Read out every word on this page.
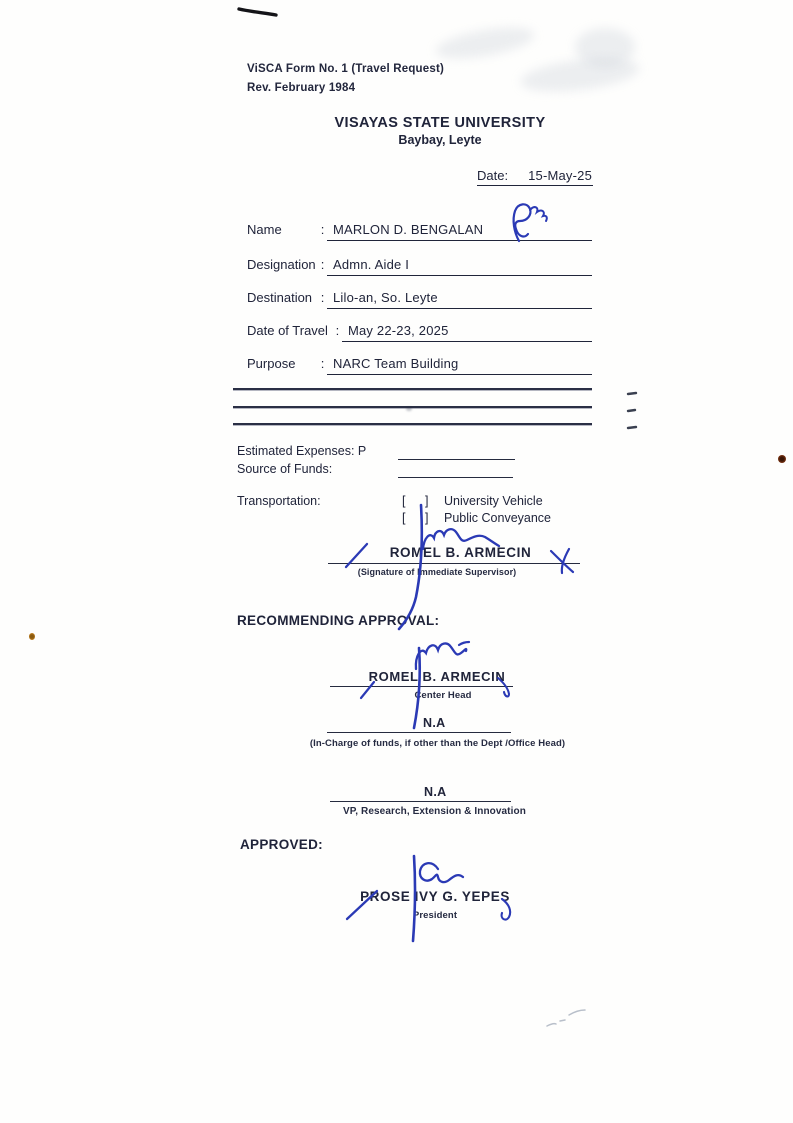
ViSCA Form No. 1 (Travel Request)
Rev. February 1984
VISAYAS STATE UNIVERSITY
Baybay, Leyte
Date: 15-May-25
Name	: MARLON D. BENGALAN
Designation : Admn. Aide I
Destination : Lilo-an, So. Leyte
Date of Travel : May 22-23, 2025
Purpose	: NARC Team Building
Estimated Expenses: P
Source of Funds:
Transportation:	[	]	University Vehicle
[	]	Public Conveyance
ROMEL B. ARMECIN
(Signature of Immediate Supervisor)
RECOMMENDING APPROVAL:
ROMEL B. ARMECIN
Center Head
N.A
(In-Charge of funds, if other than the Dept /Office Head)
N.A
VP, Research, Extension & Innovation
APPROVED:
PROSE IVY G. YEPES
President
